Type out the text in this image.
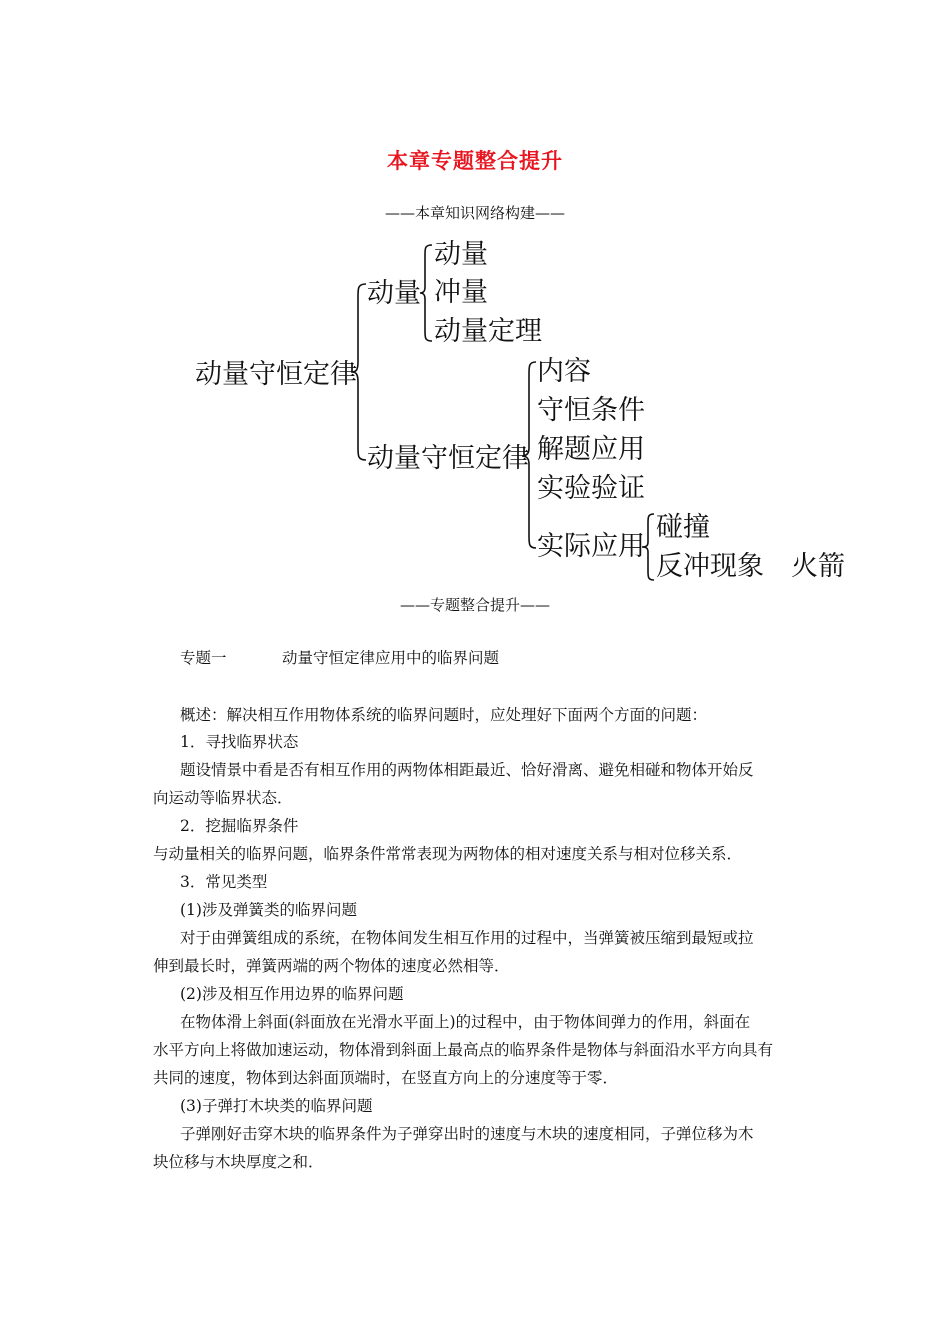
本章专题整合提升
——本章知识网络构建——
动量守恒定律
动量
动量
冲量
动量定理
动量守恒定律
内容
守恒条件
解题应用
实验验证
实际应用
碰撞
反冲现象　火箭
——专题整合提升——
专题一	动量守恒定律应用中的临界问题
概述：解决相互作用物体系统的临界问题时，应处理好下面两个方面的问题：
1．寻找临界状态
题设情景中看是否有相互作用的两物体相距最近、恰好滑离、避免相碰和物体开始反
向运动等临界状态．
2．挖掘临界条件
与动量相关的临界问题，临界条件常常表现为两物体的相对速度关系与相对位移关系．
3．常见类型
(1)涉及弹簧类的临界问题
对于由弹簧组成的系统，在物体间发生相互作用的过程中，当弹簧被压缩到最短或拉
伸到最长时，弹簧两端的两个物体的速度必然相等．
(2)涉及相互作用边界的临界问题
在物体滑上斜面(斜面放在光滑水平面上)的过程中，由于物体间弹力的作用，斜面在
水平方向上将做加速运动，物体滑到斜面上最高点的临界条件是物体与斜面沿水平方向具有
共同的速度，物体到达斜面顶端时，在竖直方向上的分速度等于零．
(3)子弹打木块类的临界问题
子弹刚好击穿木块的临界条件为子弹穿出时的速度与木块的速度相同，子弹位移为木
块位移与木块厚度之和．
